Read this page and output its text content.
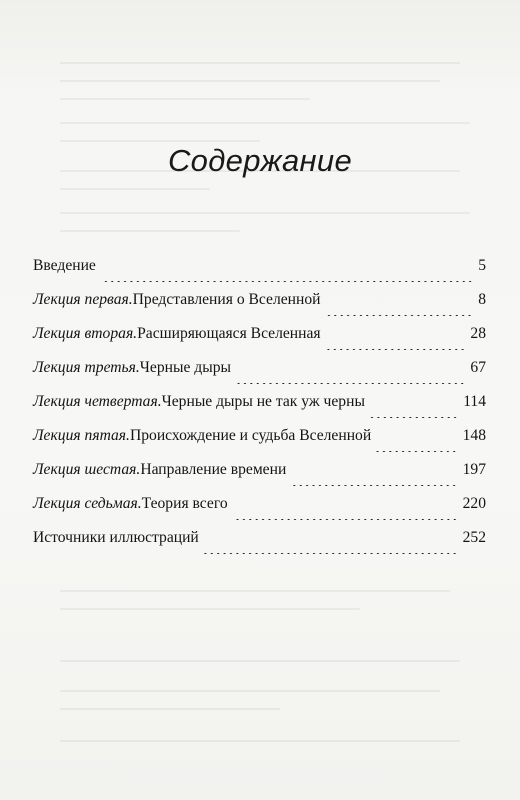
Содержание
Введение	5
Лекция первая. Представления о Вселенной	8
Лекция вторая. Расширяющаяся Вселенная	28
Лекция третья. Черные дыры	67
Лекция четвертая. Черные дыры не так уж черны	114
Лекция пятая. Происхождение и судьба Вселенной	148
Лекция шестая. Направление времени	197
Лекция седьмая. Теория всего	220
Источники иллюстраций	252
